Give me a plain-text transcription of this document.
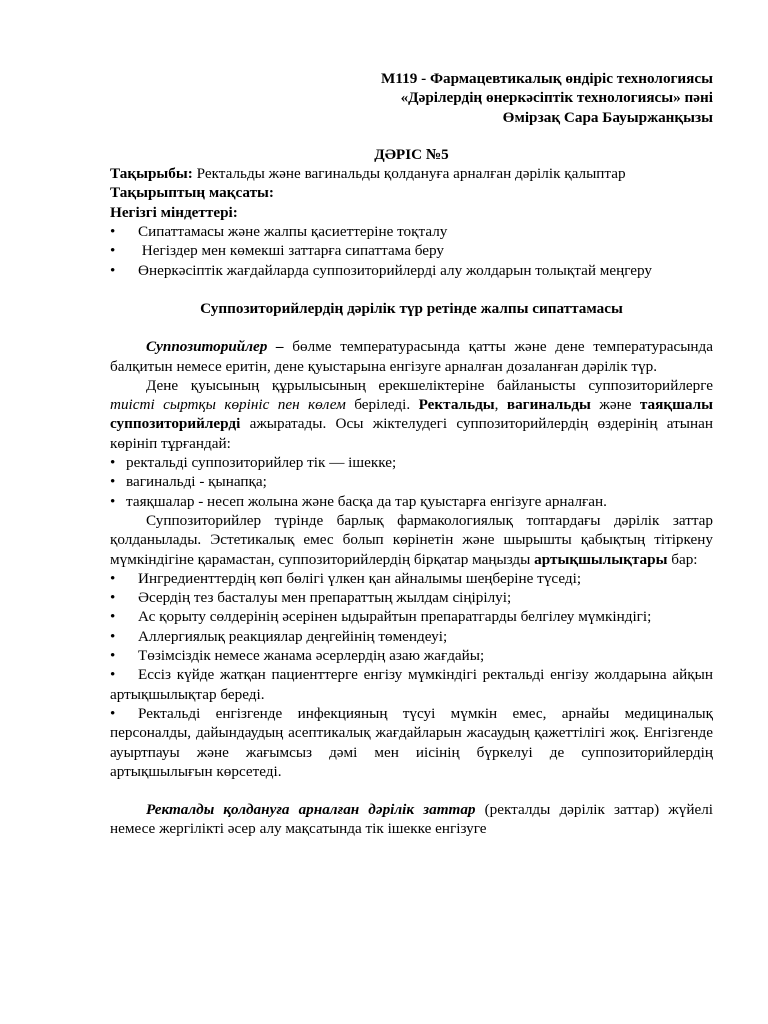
М119 - Фармацевтикалық өндіріс технологиясы

«Дәрілердің өнеркәсіптік технологиясы» пәні

Өмірзақ Сара Бауыржанқызы

ДӘРІС №5

Тақырыбы: Ректальды және вагинальды қолдануға арналған дәрілік қалыптар

Тақырыптың мақсаты:

Негізгі міндеттері:

•	Сипаттамасы және жалпы қасиеттеріне тоқталу
•	Негіздер мен көмекші заттарға сипаттама беру

• Өнеркәсіптік жағдайларда суппозиторийлерді алу жолдарын толықтай меңгеру

Суппозиторийлердің дәрілік түр ретінде жалпы сипаттамасы

Суппозиторийлер – бөлме температурасында қатты және дене температурасында балқитын немесе еритін, дене қуыстарына енгізуге арналған дозаланған дәрілік түр.

Дене қуысының құрылысының ерекшеліктеріне байланысты суппозиторийлерге тиісті сыртқы көрініс пен көлем беріледі. Ректальды, вагинальды және таяқшалы суппозиторийлерді ажыратады. Осы жіктелудегі суппозиторийлердің өздерінің атынан көрініп тұрғандай:

• ректальді суппозиторийлер тік — ішекке;
• вагинальді - қынапқа;
• таяқшалар - несеп жолына және басқа да тар қуыстарға енгізуге арналған.

Суппозиторийлер түрінде барлық фармакологиялық топтардағы дәрілік заттар қолданылады. Эстетикалық емес болып көрінетін және шырышты қабықтың тітіркену мүмкіндігіне қарамастан, суппозиторийлердің бірқатар маңызды артықшылықтары бар:

•	Ингредиенттердің көп бөлігі үлкен қан айналымы шеңберіне түседі;
•	Әсердің тез басталуы мен препараттың жылдам сіңірілуі;

• Ас қорыту сөлдерінің әсерінен ыдырайтын препаратгарды белгілеу мүмкіндігі;

•	Аллергиялық реакциялар деңгейінің төмендеуі;
•	Төзімсіздік немесе жанама әсерлердің азаю жағдайы;

• Ессіз күйде жатқан пациенттерге енгізу мүмкіндігі ректальді енгізу жолдарына айқын артықшылықтар береді.

• Ректальді енгізгенде инфекцияның түсуі мүмкін емес, арнайы медициналық персоналды, дайындаудың асептикалық жағдайларын жасаудың қажеттілігі жоқ. Енгізгенде ауыртпауы және жағымсыз дәмі мен иісінің бүркелуі де суппозиторийлердің артықшылығын көрсетеді.

Ректалды қолдануға арналған дәрілік заттар (ректалды дәрілік заттар) жүйелі немесе жергілікті әсер алу мақсатында тік ішекке енгізуге
